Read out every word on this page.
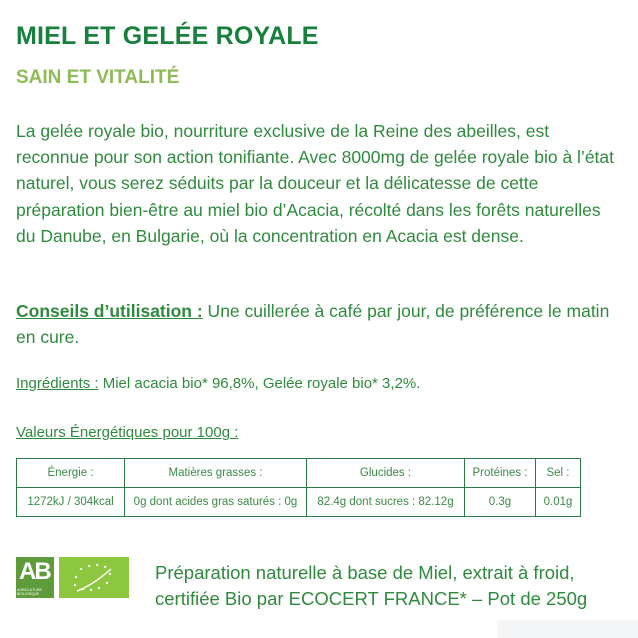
MIEL ET GELÉE ROYALE
SAIN ET VITALITÉ
La gelée royale bio, nourriture exclusive de la Reine des abeilles, est reconnue pour son action tonifiante. Avec 8000mg de gelée royale bio à l’état naturel, vous serez séduits par la douceur et la délicatesse de cette préparation bien-être au miel bio d’Acacia, récolté dans les forêts naturelles du Danube, en Bulgarie, où la concentration en Acacia est dense.
Conseils d’utilisation : Une cuillerée à café par jour, de préférence le matin en cure.
Ingrédients : Miel acacia bio* 96,8%, Gelée royale bio* 3,2%.
Valeurs Énergétiques pour 100g :
Énergie :	Matières grasses :	Glucides :	Protéines :	Sel :
1272kJ / 304kcal	0g dont acides gras saturés : 0g	82.4g dont sucres : 82.12g	0.3g	0.01g
AB
AGRICULTURE BIOLOGIQUE
Préparation naturelle à base de Miel, extrait à froid,
certifiée Bio par ECOCERT FRANCE* – Pot de 250g
